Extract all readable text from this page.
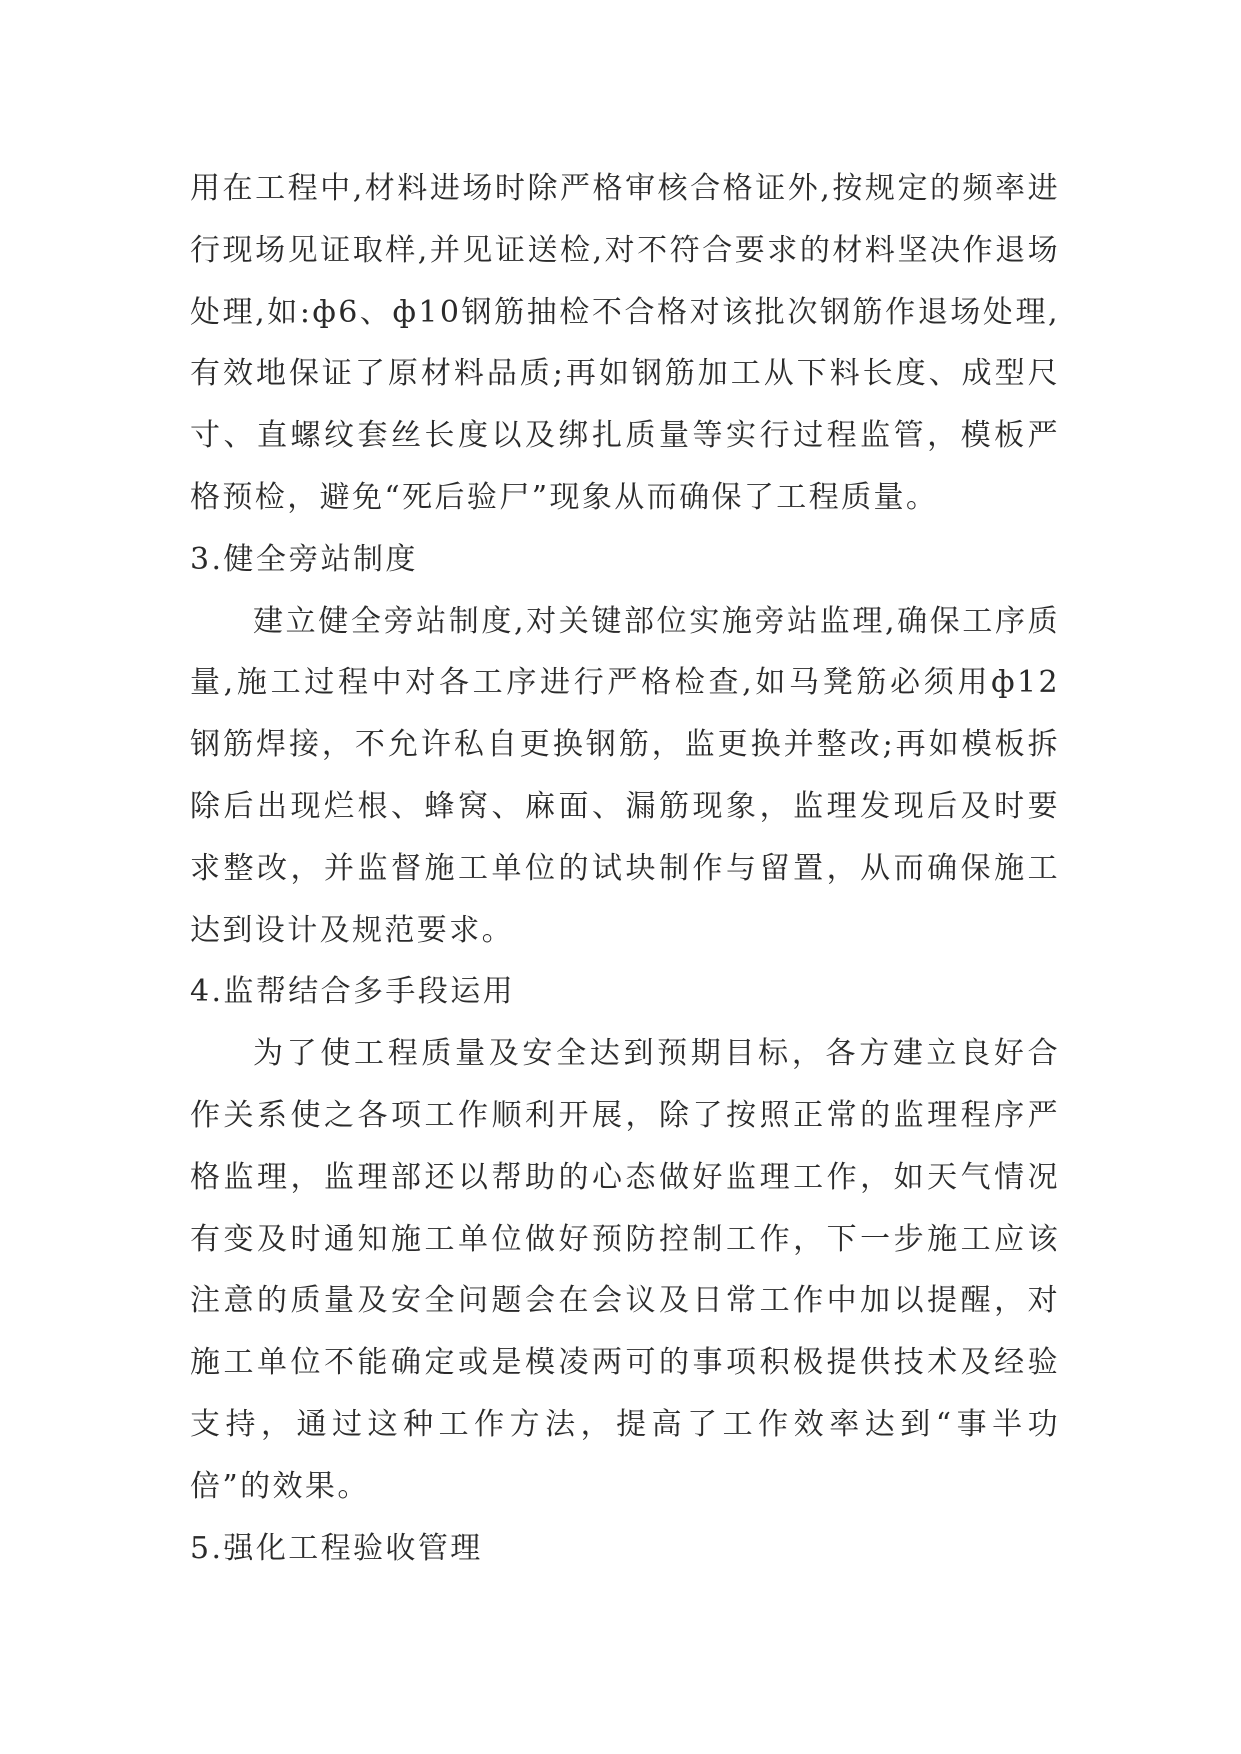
用在工程中,材料进场时除严格审核合格证外,按规定的频率进行现场见证取样,并见证送检,对不符合要求的材料坚决作退场处理,如:ф6、ф10钢筋抽检不合格对该批次钢筋作退场处理,有效地保证了原材料品质;再如钢筋加工从下料长度、成型尺寸、直螺纹套丝长度以及绑扎质量等实行过程监管，模板严格预检，避免“死后验尸”现象从而确保了工程质量。

3.健全旁站制度

建立健全旁站制度,对关键部位实施旁站监理,确保工序质量,施工过程中对各工序进行严格检查,如马凳筋必须用ф12钢筋焊接，不允许私自更换钢筋，监更换并整改;再如模板拆除后出现烂根、蜂窝、麻面、漏筋现象，监理发现后及时要求整改，并监督施工单位的试块制作与留置，从而确保施工达到设计及规范要求。

4.监帮结合多手段运用

为了使工程质量及安全达到预期目标，各方建立良好合作关系使之各项工作顺利开展，除了按照正常的监理程序严格监理，监理部还以帮助的心态做好监理工作，如天气情况有变及时通知施工单位做好预防控制工作，下一步施工应该注意的质量及安全问题会在会议及日常工作中加以提醒，对施工单位不能确定或是模凌两可的事项积极提供技术及经验支持，通过这种工作方法，提高了工作效率达到“事半功倍”的效果。

5.强化工程验收管理
